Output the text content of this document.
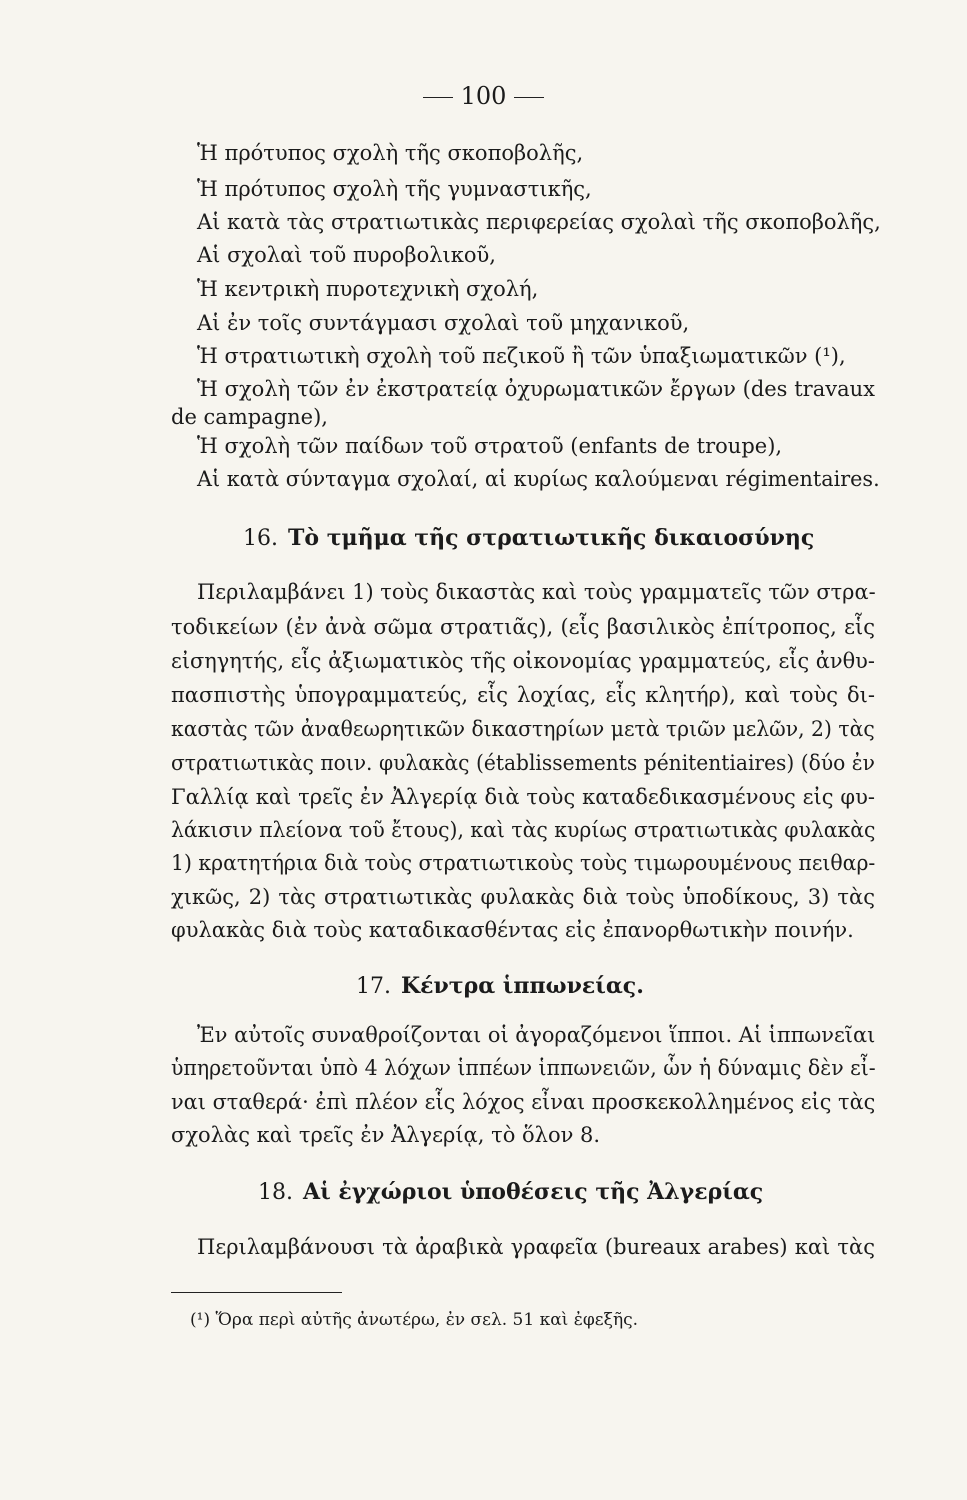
100
Ἡ πρότυπος σχολὴ τῆς σκοποβολῆς,
Ἡ πρότυπος σχολὴ τῆς γυμναστικῆς,
Αἱ κατὰ τὰς στρατιωτικὰς περιφερείας σχολαὶ τῆς σκοποβολῆς,
Αἱ σχολαὶ τοῦ πυροβολικοῦ,
Ἡ κεντρικὴ πυροτεχνικὴ σχολή,
Αἱ ἐν τοῖς συντάγμασι σχολαὶ τοῦ μηχανικοῦ,
Ἡ στρατιωτικὴ σχολὴ τοῦ πεζικοῦ ἢ τῶν ὑπαξιωματικῶν (¹),
Ἡ σχολὴ τῶν ἐν ἐκστρατείᾳ ὀχυρωματικῶν ἔργων (des travaux
de campagne),
Ἡ σχολὴ τῶν παίδων τοῦ στρατοῦ (enfants de troupe),
Αἱ κατὰ σύνταγμα σχολαί, αἱ κυρίως καλούμεναι régimentaires.
16. Τὸ τμῆμα τῆς στρατιωτικῆς δικαιοσύνης
Περιλαμβάνει 1) τοὺς δικαστὰς καὶ τοὺς γραμματεῖς τῶν στρα-
τοδικείων (ἐν ἀνὰ σῶμα στρατιᾶς), (εἷς βασιλικὸς ἐπίτροπος, εἷς
εἰσηγητής, εἷς ἀξιωματικὸς τῆς οἰκονομίας γραμματεύς, εἷς ἀνθυ-
πασπιστὴς ὑπογραμματεύς, εἷς λοχίας, εἷς κλητήρ), καὶ τοὺς δι-
καστὰς τῶν ἀναθεωρητικῶν δικαστηρίων μετὰ τριῶν μελῶν, 2) τὰς
στρατιωτικὰς ποιν. φυλακὰς (établissements pénitentiaires) (δύο ἐν
Γαλλίᾳ καὶ τρεῖς ἐν Ἀλγερίᾳ διὰ τοὺς καταδεδικασμένους εἰς φυ-
λάκισιν πλείονα τοῦ ἔτους), καὶ τὰς κυρίως στρατιωτικὰς φυλακὰς
1) κρατητήρια διὰ τοὺς στρατιωτικοὺς τοὺς τιμωρουμένους πειθαρ-
χικῶς, 2) τὰς στρατιωτικὰς φυλακὰς διὰ τοὺς ὑποδίκους, 3) τὰς
φυλακὰς διὰ τοὺς καταδικασθέντας εἰς ἐπανορθωτικὴν ποινήν.
17. Κέντρα ἱππωνείας.
Ἐν αὐτοῖς συναθροίζονται οἱ ἀγοραζόμενοι ἵπποι. Αἱ ἱππωνεῖαι
ὑπηρετοῦνται ὑπὸ 4 λόχων ἱππέων ἱππωνειῶν, ὧν ἡ δύναμις δὲν εἶ-
ναι σταθερά· ἐπὶ πλέον εἷς λόχος εἶναι προσκεκολλημένος εἰς τὰς
σχολὰς καὶ τρεῖς ἐν Ἀλγερίᾳ, τὸ ὅλον 8.
18. Αἱ ἐγχώριοι ὑποθέσεις τῆς Ἀλγερίας
Περιλαμβάνουσι τὰ ἀραβικὰ γραφεῖα (bureaux arabes) καὶ τὰς
(¹) Ὅρα περὶ αὐτῆς ἀνωτέρω, ἐν σελ. 51 καὶ ἐφεξῆς.
